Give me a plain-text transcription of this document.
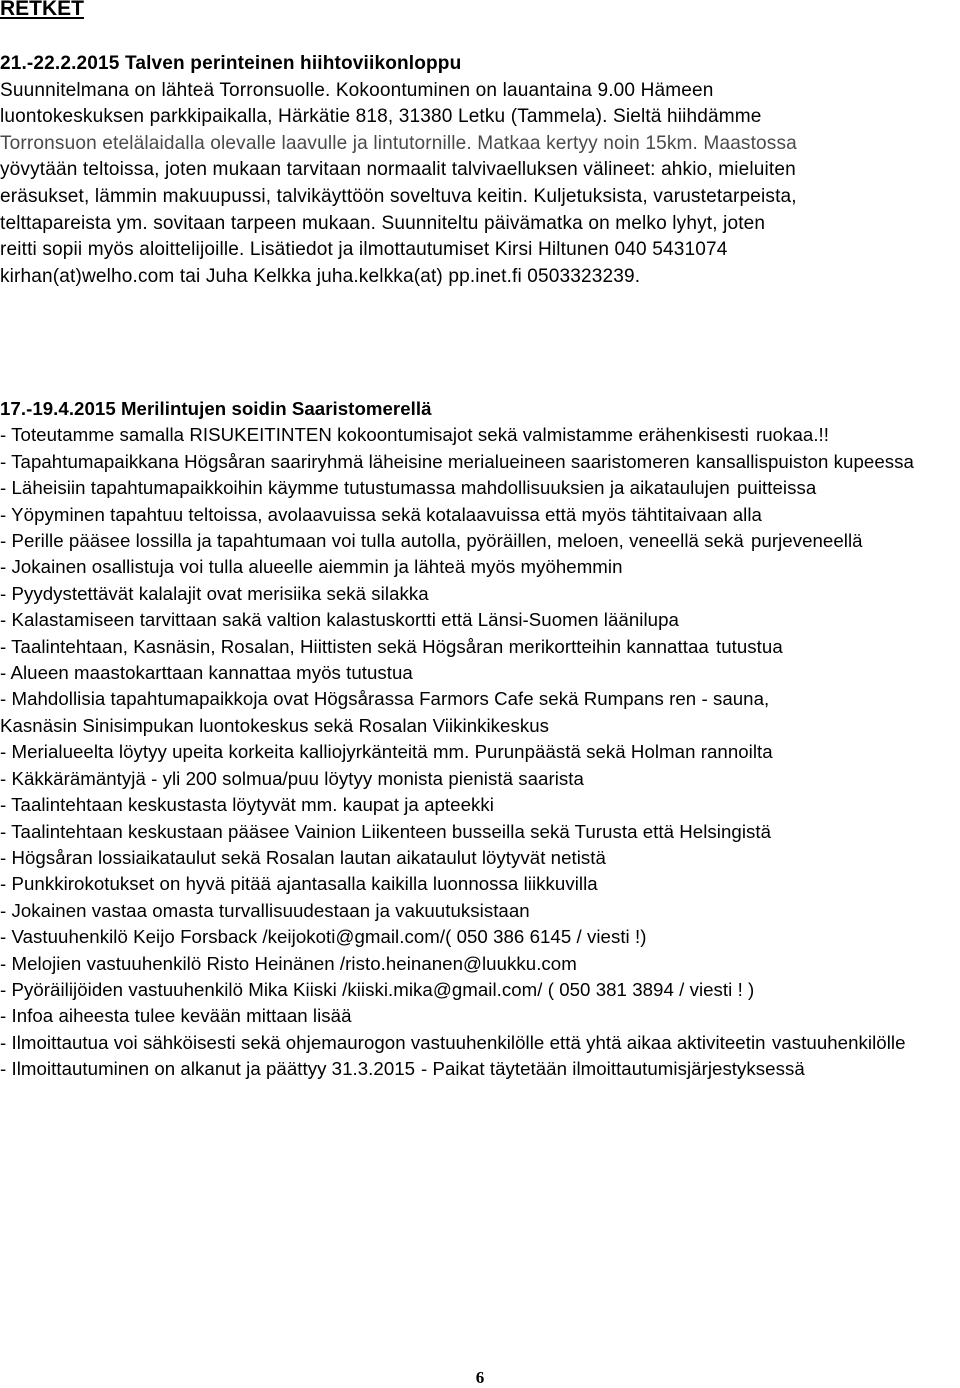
RETKET
21.-22.2.2015 Talven perinteinen hiihtoviikonloppu Suunnitelmana on lähteä Torronsuolle. Kokoontuminen on lauantaina 9.00 Hämeen luontokeskuksen parkkipaikalla, Härkätie 818, 31380 Letku (Tammela). Sieltä hiihdämme Torronsuon etelälaidalla olevalle laavulle ja lintutornille. Matkaa kertyy noin 15km. Maastossa yövytään teltoissa, joten mukaan tarvitaan normaalit talvivaelluksen välineet: ahkio, mieluiten eräsukset, lämmin makuupussi, talvikäyttöön soveltuva keitin. Kuljetuksista, varustetarpeista, telttapareista ym. sovitaan tarpeen mukaan. Suunniteltu päivämatka on melko lyhyt, joten reitti sopii myös aloittelijoille. Lisätiedot ja ilmottautumiset Kirsi Hiltunen 040 5431074 kirhan(at)welho.com tai Juha Kelkka juha.kelkka(at) pp.inet.fi 0503323239.
17.-19.4.2015 Merilintujen soidin Saaristomerellä - Toteutamme samalla RISUKEITINTEN kokoontumisajot sekä valmistamme erähenkisesti ruokaa.!! - Tapahtumapaikkana Högsåran saariryhmä läheisine merialueineen saaristomeren kansallispuiston kupeessa - Läheisiin tapahtumapaikkoihin käymme tutustumassa mahdollisuuksien ja aikataulujen puitteissa - Yöpyminen tapahtuu teltoissa, avolaavuissa sekä kotalaavuissa että myös tähtitaivaan alla - Perille pääsee lossilla ja tapahtumaan voi tulla autolla, pyöräillen, meloen, veneellä sekä purjeveneellä - Jokainen osallistuja voi tulla alueelle aiemmin ja lähteä myös myöhemmin - Pyydystettävät kalalajit ovat merisiika sekä silakka - Kalastamiseen tarvittaan sakä valtion kalastuskortti että Länsi-Suomen läänilupa - Taalintehtaan, Kasnäsin, Rosalan, Hiittisten sekä Högsåran merikortteihin kannattaa tutustua - Alueen maastokarttaan kannattaa myös tutustua - Mahdollisia tapahtumapaikkoja ovat Högsårassa Farmors Cafe sekä Rumpans ren - sauna, Kasnäsin Sinisimpukan luontokeskus sekä Rosalan Viikinkikeskus - Merialueelta löytyy upeita korkeita kalliojyrkänteitä mm. Purunpäästä sekä Holman rannoilta - Käkkärämäntyjä - yli 200 solmua/puu löytyy monista pienistä saarista - Taalintehtaan keskustasta löytyvät mm. kaupat ja apteekki - Taalintehtaan keskustaan pääsee Vainion Liikenteen busseilla sekä Turusta että Helsingistä - Högsåran lossiaikataulut sekä Rosalan lautan aikataulut löytyvät netistä - Punkkirokotukset on hyvä pitää ajantasalla kaikilla luonnossa liikkuvilla - Jokainen vastaa omasta turvallisuudestaan ja vakuutuksistaan - Vastuuhenkilö Keijo Forsback /keijokoti@gmail.com/( 050 386 6145 / viesti !) - Melojien vastuuhenkilö Risto Heinänen /risto.heinanen@luukku.com - Pyöräilijöiden vastuuhenkilö Mika Kiiski /kiiski.mika@gmail.com/ ( 050 381 3894 / viesti ! ) - Infoa aiheesta tulee kevään mittaan lisää - Ilmoittautua voi sähköisesti sekä ohjemaurogon vastuuhenkilölle että yhtä aikaa aktiviteetin vastuuhenkilölle - Ilmoittautuminen on alkanut ja päättyy 31.3.2015 - Paikat täytetään ilmoittautumisjärjestyksessä
6
